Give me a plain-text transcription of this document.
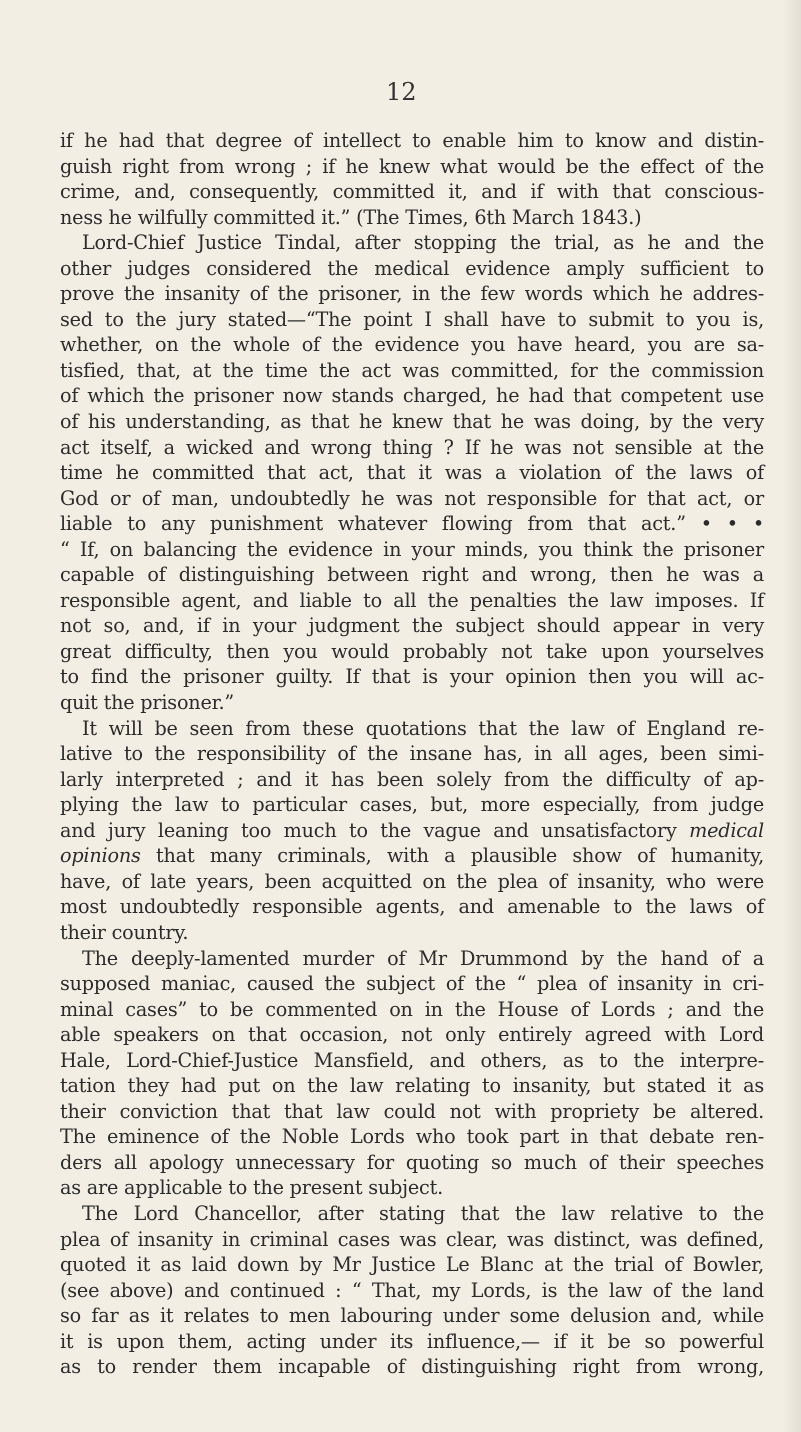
12
if he had that degree of intellect to enable him to know and distin-
guish right from wrong ; if he knew what would be the effect of the
crime, and, consequently, committed it, and if with that conscious-
ness he wilfully committed it.” (The Times, 6th March 1843.)
Lord-Chief Justice Tindal, after stopping the trial, as he and the
other judges considered the medical evidence amply sufficient to
prove the insanity of the prisoner, in the few words which he addres-
sed to the jury stated—“The point I shall have to submit to you is,
whether, on the whole of the evidence you have heard, you are sa-
tisfied, that, at the time the act was committed, for the commission
of which the prisoner now stands charged, he had that competent use
of his understanding, as that he knew that he was doing, by the very
act itself, a wicked and wrong thing ? If he was not sensible at the
time he committed that act, that it was a violation of the laws of
God or of man, undoubtedly he was not responsible for that act, or
liable to any punishment whatever flowing from that act.” • • •
“ If, on balancing the evidence in your minds, you think the prisoner
capable of distinguishing between right and wrong, then he was a
responsible agent, and liable to all the penalties the law imposes. If
not so, and, if in your judgment the subject should appear in very
great difficulty, then you would probably not take upon yourselves
to find the prisoner guilty. If that is your opinion then you will ac-
quit the prisoner.”
It will be seen from these quotations that the law of England re-
lative to the responsibility of the insane has, in all ages, been simi-
larly interpreted ; and it has been solely from the difficulty of ap-
plying the law to particular cases, but, more especially, from judge
and jury leaning too much to the vague and unsatisfactory medical
opinions that many criminals, with a plausible show of humanity,
have, of late years, been acquitted on the plea of insanity, who were
most undoubtedly responsible agents, and amenable to the laws of
their country.
The deeply-lamented murder of Mr Drummond by the hand of a
supposed maniac, caused the subject of the “ plea of insanity in cri-
minal cases” to be commented on in the House of Lords ; and the
able speakers on that occasion, not only entirely agreed with Lord
Hale, Lord-Chief-Justice Mansfield, and others, as to the interpre-
tation they had put on the law relating to insanity, but stated it as
their conviction that that law could not with propriety be altered.
The eminence of the Noble Lords who took part in that debate ren-
ders all apology unnecessary for quoting so much of their speeches
as are applicable to the present subject.
The Lord Chancellor, after stating that the law relative to the
plea of insanity in criminal cases was clear, was distinct, was defined,
quoted it as laid down by Mr Justice Le Blanc at the trial of Bowler,
(see above) and continued : “ That, my Lords, is the law of the land
so far as it relates to men labouring under some delusion and, while
it is upon them, acting under its influence,— if it be so powerful
as to render them incapable of distinguishing right from wrong,
